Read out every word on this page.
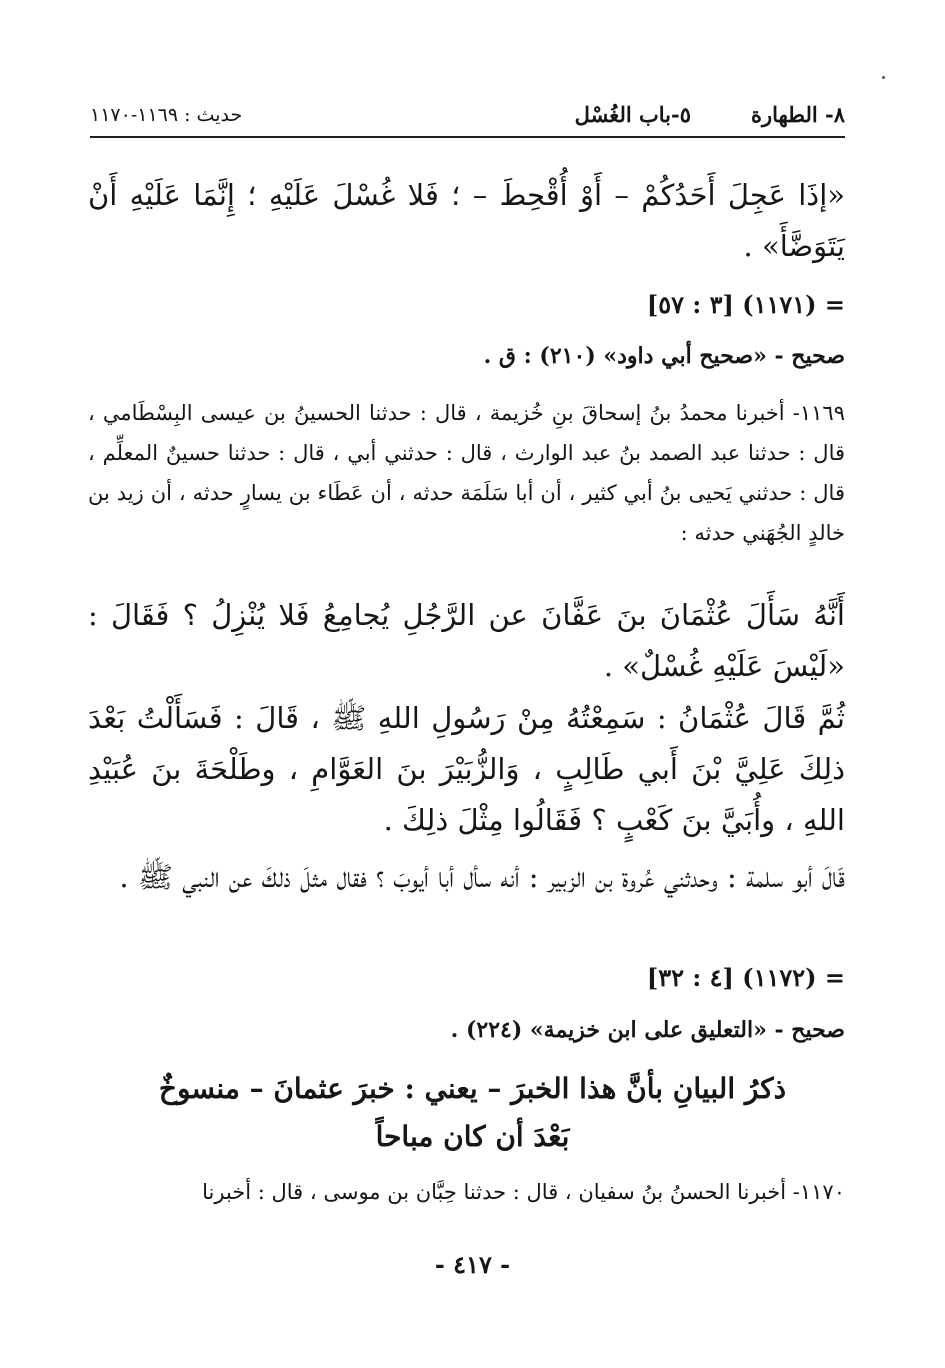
٨- الطهارة٥-باب الغُسْل
حديث : ١١٦٩-١١٧٠
«إذَا عَجِلَ أَحَدُكُمْ – أَوْ أُقْحِطَ – ؛ فَلا غُسْلَ عَلَيْهِ ؛ إِنَّمَا عَلَيْهِ أَنْ يَتَوَضَّأَ» .
= (١١٧١) [٣ : ٥٧]
صحيح - «صحيح أبي داود» (٢١٠) : ق .
١١٦٩- أخبرنا محمدُ بنُ إسحاقَ بنِ خُزيمة ، قال : حدثنا الحسينُ بن عيسى البِسْطَامي ، قال : حدثنا عبد الصمد بنُ عبد الوارث ، قال : حدثني أبي ، قال : حدثنا حسينٌ المعلِّم ، قال : حدثني يَحيى بنُ أبي كثير ، أن أبا سَلَمَة حدثه ، أن عَطَاء بن يسارٍ حدثه ، أن زيد بن خالدٍ الجُهَني حدثه :
أَنَّهُ سَأَلَ عُثْمَانَ بنَ عَفَّانَ عن الرَّجُلِ يُجامِعُ فَلا يُنْزِلُ ؟ فَقَالَ : «لَيْسَ عَلَيْهِ غُسْلٌ» .
ثُمَّ قَالَ عُثْمَانُ : سَمِعْتُهُ مِنْ رَسُولِ اللهِ ﷺ ، قَالَ : فَسَأَلْتُ بَعْدَ ذلِكَ عَلِيَّ بْنَ أَبي طَالِبٍ ، وَالزُّبَيْرَ بنَ العَوَّامِ ، وطَلْحَةَ بنَ عُبَيْدِ اللهِ ، وأُبَيَّ بنَ كَعْبٍ ؟ فَقَالُوا مِثْلَ ذلِكَ .
قَالَ أبو سلمة : وحدثني عُروة بن الزبير : أنه سأل أبا أيوبَ ؟ فقال مثلَ ذلكَ عن النبي ﷺ .
= (١١٧٢) [٤ : ٣٢]
صحيح - «التعليق على ابن خزيمة» (٢٢٤) .
ذكرُ البيانِ بأنَّ هذا الخبرَ – يعني : خبرَ عثمانَ – منسوخٌ
بَعْدَ أن كان مباحاً
١١٧٠- أخبرنا الحسنُ بنُ سفيان ، قال : حدثنا حِبَّان بن موسى ، قال : أخبرنا
- ٤١٧ -
